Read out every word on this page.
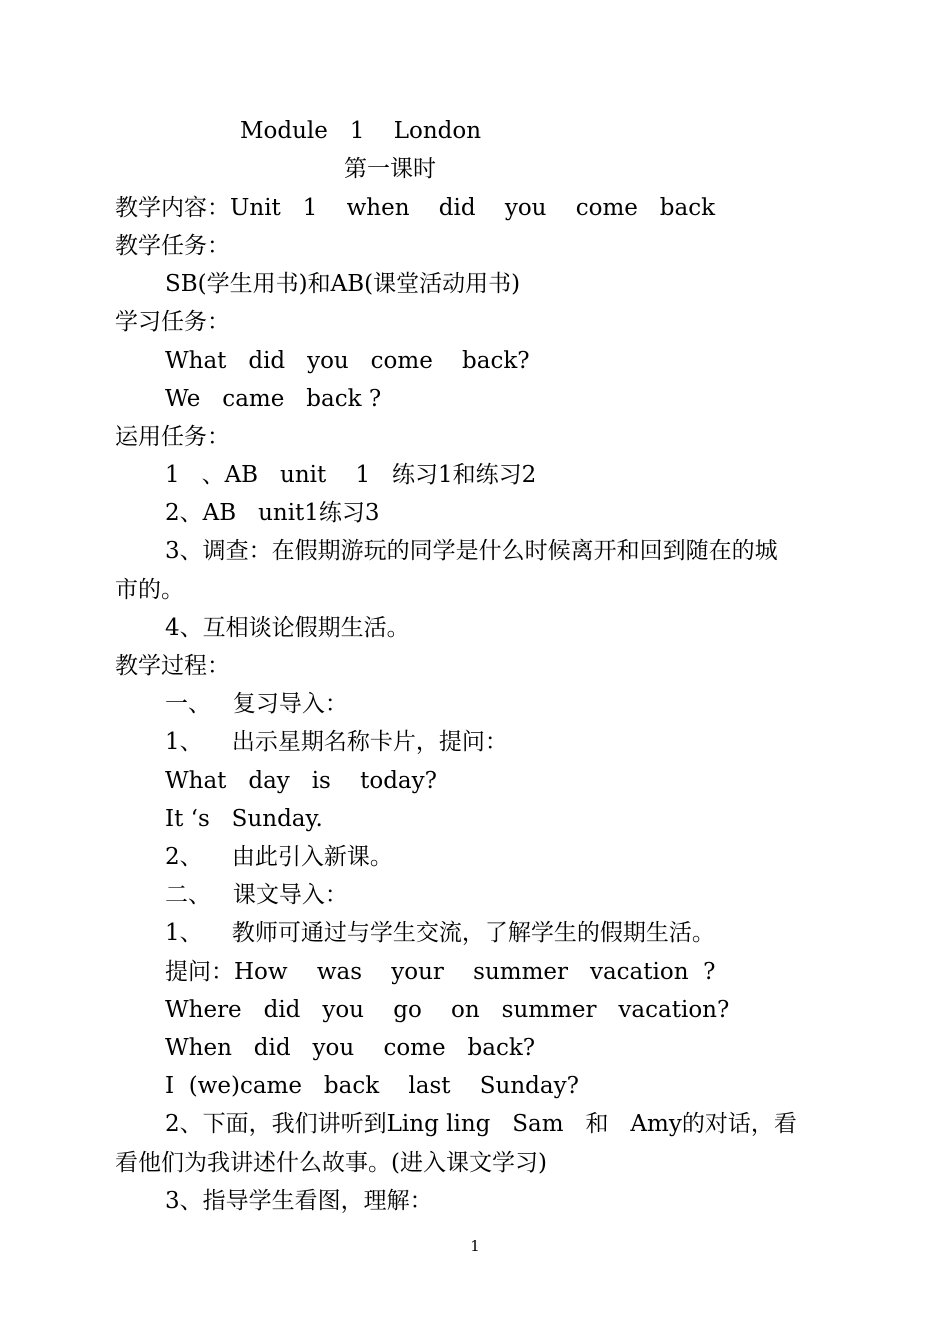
Module   1    London
第一课时
教学内容：Unit   1    when    did    you    come   back
教学任务：
SB(学生用书)和AB(课堂活动用书)
学习任务：
What   did   you   come    back?
We   came   back ?
运用任务：
1   、AB   unit    1   练习1和练习2
2、AB   unit1练习3
3、调查：在假期游玩的同学是什么时候离开和回到随在的城
市的。
4、互相谈论假期生活。
教学过程：
一、   复习导入：
1、    出示星期名称卡片，提问：
What   day   is    today?
It ‘s   Sunday.
2、    由此引入新课。
二、   课文导入：
1、    教师可通过与学生交流，了解学生的假期生活。
提问：How    was    your    summer   vacation  ?
Where   did   you    go    on   summer   vacation?
When   did   you    come   back?
I  (we)came   back    last    Sunday?
2、下面，我们讲听到Ling ling   Sam   和   Amy的对话，看
看他们为我讲述什么故事。(进入课文学习)
3、指导学生看图，理解：
1
